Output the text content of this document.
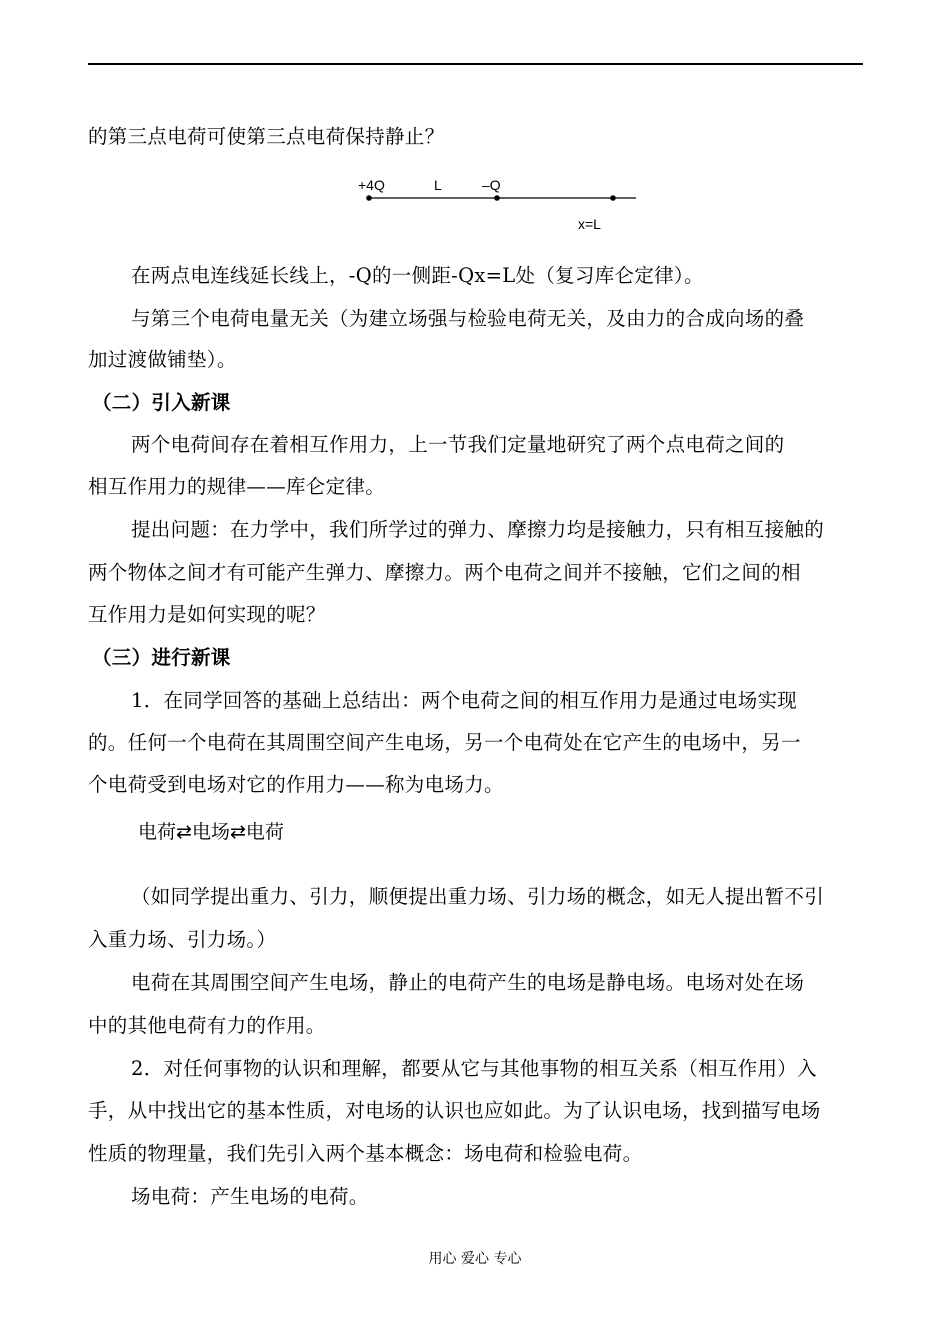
的第三点电荷可使第三点电荷保持静止？
+4Q	L	–Q
x=L
在两点电连线延长线上，-Q的一侧距-Qx=L处（复习库仑定律）。
与第三个电荷电量无关（为建立场强与检验电荷无关，及由力的合成向场的叠
加过渡做铺垫）。
（二）引入新课
两个电荷间存在着相互作用力，上一节我们定量地研究了两个点电荷之间的
相互作用力的规律——库仑定律。
提出问题：在力学中，我们所学过的弹力、摩擦力均是接触力，只有相互接触的
两个物体之间才有可能产生弹力、摩擦力。两个电荷之间并不接触，它们之间的相
互作用力是如何实现的呢？
（三）进行新课
1．在同学回答的基础上总结出：两个电荷之间的相互作用力是通过电场实现
的。任何一个电荷在其周围空间产生电场，另一个电荷处在它产生的电场中，另一
个电荷受到电场对它的作用力——称为电场力。
电荷⇄电场⇄电荷
（如同学提出重力、引力，顺便提出重力场、引力场的概念，如无人提出暂不引
入重力场、引力场。）
电荷在其周围空间产生电场，静止的电荷产生的电场是静电场。电场对处在场
中的其他电荷有力的作用。
2．对任何事物的认识和理解，都要从它与其他事物的相互关系（相互作用）入
手，从中找出它的基本性质，对电场的认识也应如此。为了认识电场，找到描写电场
性质的物理量，我们先引入两个基本概念：场电荷和检验电荷。
场电荷：产生电场的电荷。
用心 爱心 专心
